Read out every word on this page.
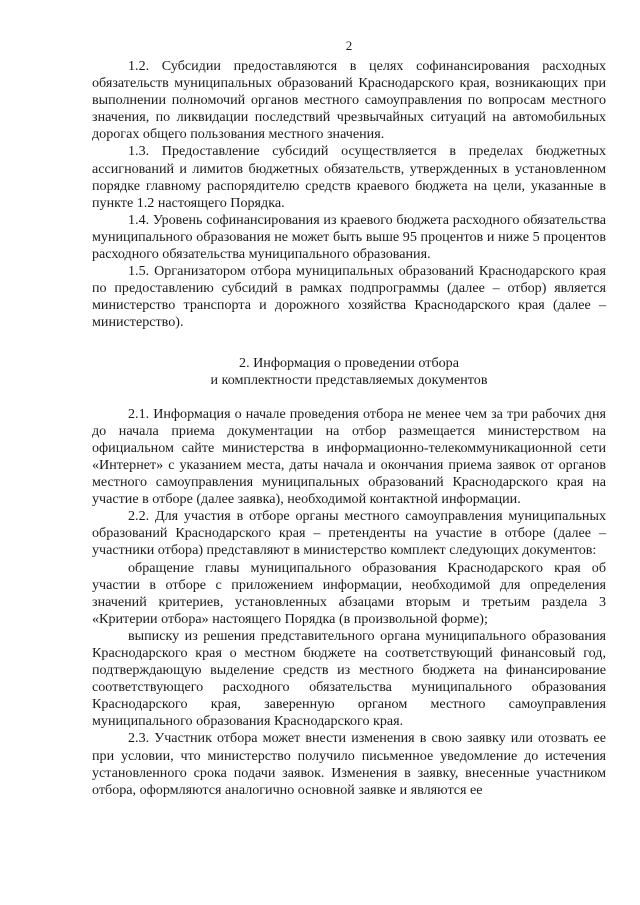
2

1.2. Субсидии предоставляются в целях софинансирования расходных обязательств муниципальных образований Краснодарского края, возникающих при выполнении полномочий органов местного самоуправления по вопросам местного значения, по ликвидации последствий чрезвычайных ситуаций на автомобильных дорогах общего пользования местного значения.

1.3. Предоставление субсидий осуществляется в пределах бюджетных ассигнований и лимитов бюджетных обязательств, утвержденных в установленном порядке главному распорядителю средств краевого бюджета на цели, указанные в пункте 1.2 настоящего Порядка.

1.4. Уровень софинансирования из краевого бюджета расходного обязательства муниципального образования не может быть выше 95 процентов и ниже 5 процентов расходного обязательства муниципального образования.

1.5. Организатором отбора муниципальных образований Краснодарского края по предоставлению субсидий в рамках подпрограммы (далее – отбор) является министерство транспорта и дорожного хозяйства Краснодарского края (далее – министерство).

2. Информация о проведении отбора

и комплектности представляемых документов

2.1. Информация о начале проведения отбора не менее чем за три рабочих дня до начала приема документации на отбор размещается министерством на официальном сайте министерства в информационно-телекоммуникационной сети «Интернет» с указанием места, даты начала и окончания приема заявок от органов местного самоуправления муниципальных образований Краснодарского края на участие в отборе (далее заявка), необходимой контактной информации.

2.2. Для участия в отборе органы местного самоуправления муниципальных образований Краснодарского края – претенденты на участие в отборе (далее – участники отбора) представляют в министерство комплект следующих документов:

обращение главы муниципального образования Краснодарского края об участии в отборе с приложением информации, необходимой для определения значений критериев, установленных абзацами вторым и третьим раздела 3 «Критерии отбора» настоящего Порядка (в произвольной форме);

выписку из решения представительного органа муниципального образования Краснодарского края о местном бюджете на соответствующий финансовый год, подтверждающую выделение средств из местного бюджета на финансирование соответствующего расходного обязательства муниципального образования Краснодарского края, заверенную органом местного самоуправления муниципального образования Краснодарского края.

2.3. Участник отбора может внести изменения в свою заявку или отозвать ее при условии, что министерство получило письменное уведомление до истечения установленного срока подачи заявок. Изменения в заявку, внесенные участником отбора, оформляются аналогично основной заявке и являются ее
